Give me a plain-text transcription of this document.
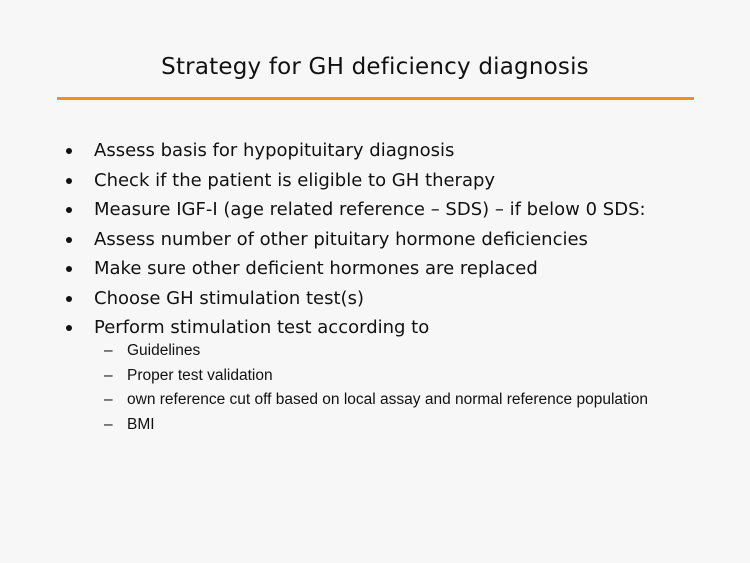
Strategy for GH deficiency diagnosis
Assess basis for hypopituitary diagnosis
Check if the patient is eligible to GH therapy
Measure IGF-I (age related reference – SDS) – if below 0 SDS:
Assess number of other pituitary hormone deficiencies
Make sure other deficient hormones are replaced
Choose GH stimulation test(s)
Perform stimulation test according to
– Guidelines
– Proper test validation
– own reference cut off based on local assay and normal reference population
– BMI
